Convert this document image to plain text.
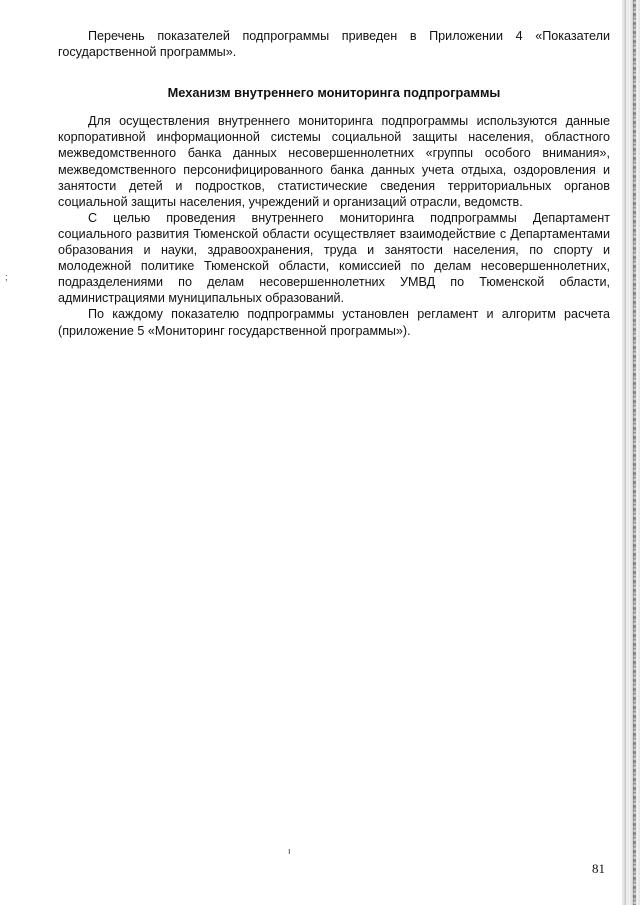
;
ı

Перечень показателей подпрограммы приведен в Приложении 4 «Показатели государственной программы».

Механизм внутреннего мониторинга подпрограммы

Для осуществления внутреннего мониторинга подпрограммы используются данные корпоративной информационной системы социальной защиты населения, областного межведомственного банка данных несовершеннолетних «группы особого внимания», межведомственного персонифицированного банка данных учета отдыха, оздоровления и занятости детей и подростков, статистические сведения территориальных органов социальной защиты населения, учреждений и организаций отрасли, ведомств.

С целью проведения внутреннего мониторинга подпрограммы Департамент социального развития Тюменской области осуществляет взаимодействие с Департаментами образования и науки, здравоохранения, труда и занятости населения, по спорту и молодежной политике Тюменской области, комиссией по делам несовершеннолетних, подразделениями по делам несовершеннолетних УМВД по Тюменской области, администрациями муниципальных образований.

По каждому показателю подпрограммы установлен регламент и алгоритм расчета (приложение 5 «Мониторинг государственной программы»).

81
